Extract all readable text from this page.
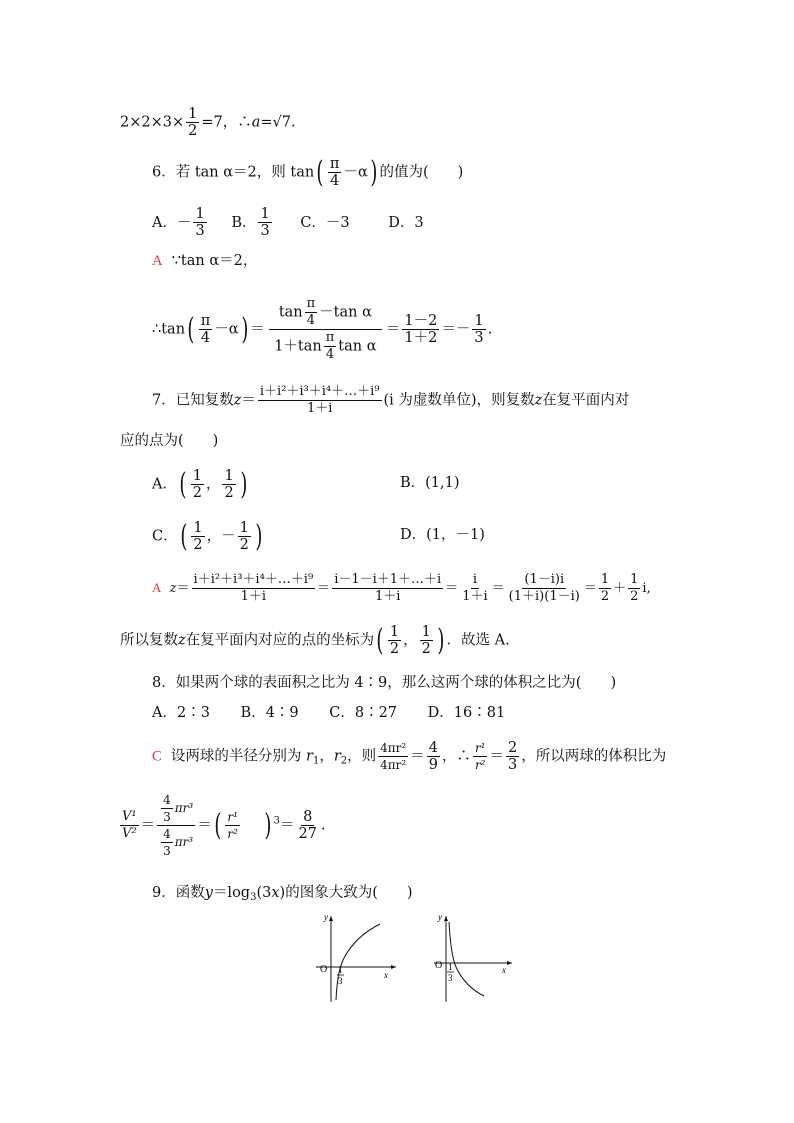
$2\times 2\times 3\times \frac{1}{2} =7$，∴a=√7.
6．若 tan α＝2，则 $\tan( \frac{\pi}{4} -\alpha)$ 的值为(　　)
A．－ $\frac{1}{3}$ B． $\frac{1}{3}$ C．－3	D．3
A ∵tan α＝2，
∴tan( $\frac{\pi}{4} -\alpha) = \frac{\tan \frac{\pi}{4} -\tan \alpha}{1+\tan \frac{\pi}{4} \tan \alpha} = \frac{1-2}{1+2} =- \frac{1}{3}$ .
7．已知复数$z= \frac{\text{i＋i²＋i³＋i⁴＋…＋i⁹}}{1+i} (i$ 为虚数单位)，则复数z在复平面内对
应的点为(　　)
A．( $\frac{1}{2}$ ， $\frac{1}{2}$ )	B．(1,1)
C．( $\frac{1}{2}$ ，－ $\frac{1}{2}$ )	D．(1，－1)
A $z= \frac{\text{i＋i²＋i³＋i⁴＋…＋i⁹}}{1+i} = \frac{i-1-i+1+\dots+i}{1+i} = \frac{i}{1+i} = \frac{(1-i)i}{(1+i)(1-i)} = \frac{1}{2} + \frac{1}{2} i$,
所以复数z在复平面内对应的点的坐标为( $\frac{1}{2}$ ， $\frac{1}{2}$ ) ．故选 A.
8．如果两个球的表面积之比为 4∶9，那么这两个球的体积之比为(　　)
A．2∶3 B．4∶9 C．8∶27 D．16∶81
C 设两球的半径分别为 $r_1$，$r_2$，则 $\frac{\text{4πr²}}{\text{4πr²}} = \frac{4}{9}$ ，∴ $\frac{\text{r¹}}{\text{r²}} = \frac{2}{3}$ ，所以两球的体积比为
$\frac{\text{V¹}}{\text{V²}} = \frac{\frac{4}{3} \pi r^3}{\frac{4}{3} \pi r^3}$ ＝( $\frac{\text{r¹}}{\text{r²}}$ ) $^3= \frac{8}{27}$ .
9．函数$y=\log_3(3x)$的图象大致为(　　)
y
x
O 1
3
y
x
O 1
3
